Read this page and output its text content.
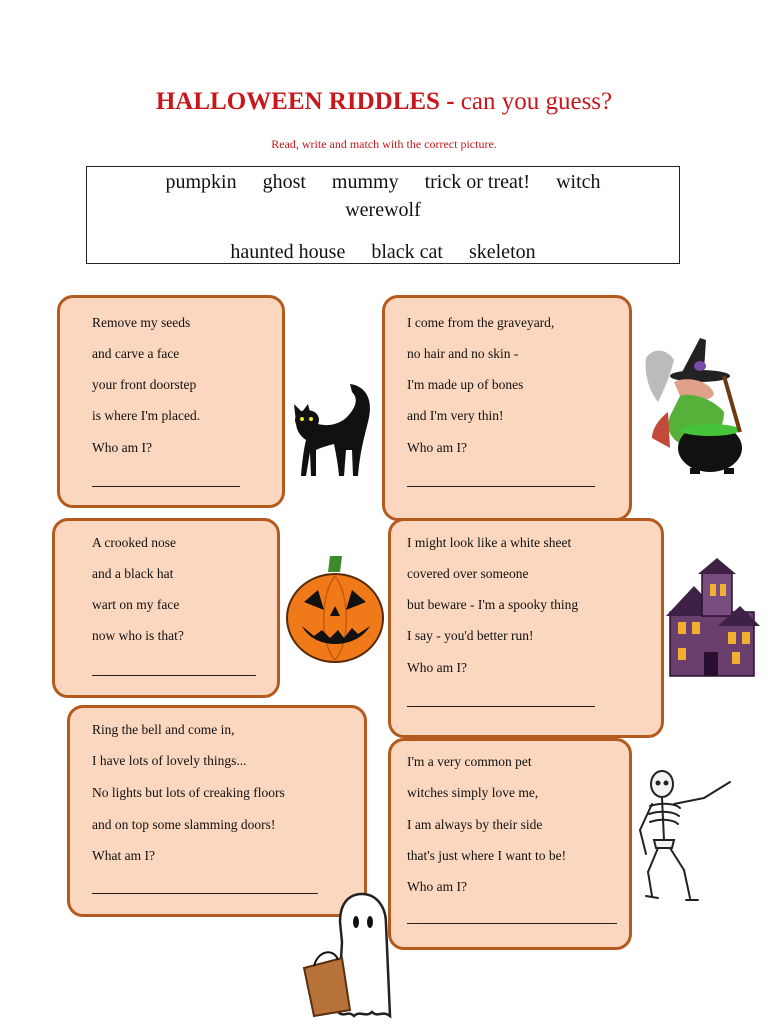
HALLOWEEN RIDDLES - can you guess?
Read, write and match with the correct picture.
pumpkin ghost mummy trick or treat! witch
werewolf
haunted house black cat skeleton
Remove my seeds
and carve a face
your front doorstep
is where I'm placed.
Who am I?
I come from the graveyard,
no hair and no skin -
I'm made up of bones
and I'm very thin!
Who am I?
A crooked nose
and a black hat
wart on my face
now who is that?
I might look like a white sheet
covered over someone
but beware - I'm a spooky thing
I say - you'd better run!
Who am I?
Ring the bell and come in,
I have lots of lovely things...
No lights but lots of creaking floors
and on top some slamming doors!
What am I?
I'm a very common pet
witches simply love me,
I am always by their side
that's just where I want to be!
Who am I?
